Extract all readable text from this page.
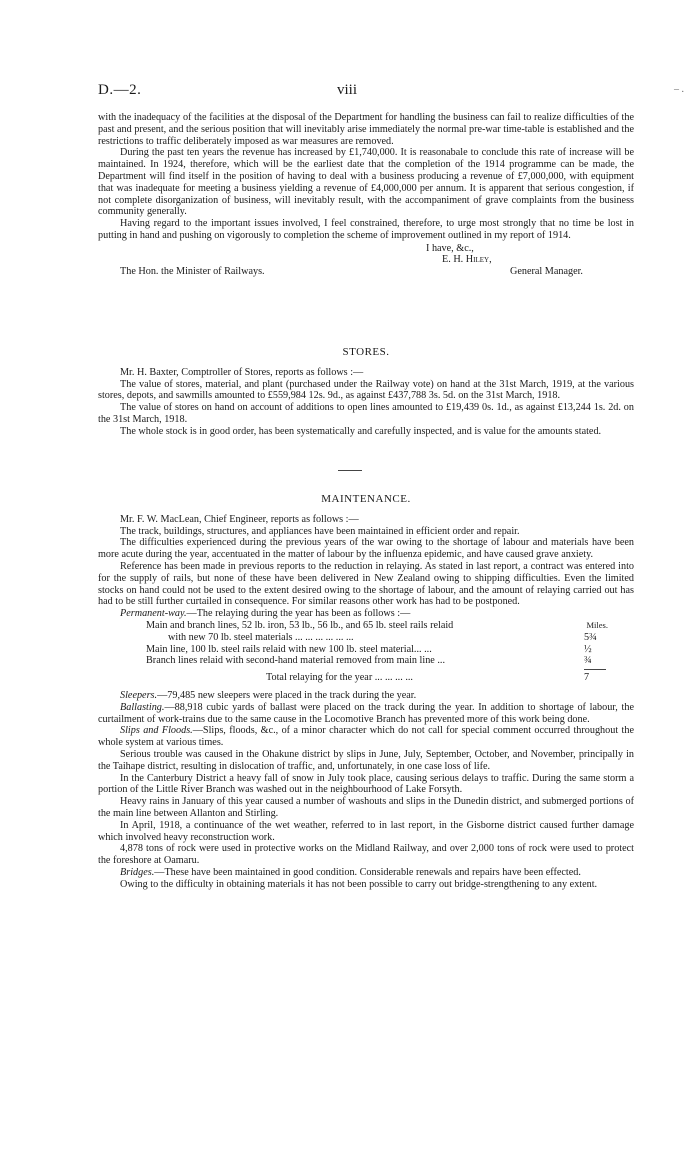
D.—2.	viii	– .

with the inadequacy of the facilities at the disposal of the Department for handling the business can fail to realize difficulties of the past and present, and the serious position that will inevitably arise immediately the normal pre-war time-table is established and the restrictions to traffic deliberately imposed as war measures are removed.

During the past ten years the revenue has increased by £1,740,000. It is reasonabale to conclude this rate of increase will be maintained. In 1924, therefore, which will be the earliest date that the completion of the 1914 programme can be made, the Department will find itself in the position of having to deal with a business producing a revenue of £7,000,000, with equipment that was inadequate for meeting a business yielding a revenue of £4,000,000 per annum. It is apparent that serious congestion, if not complete disorganization of business, will inevitably result, with the accompaniment of grave complaints from the business community generally.

Having regard to the important issues involved, I feel constrained, therefore, to urge most strongly that no time be lost in putting in hand and pushing on vigorously to completion the scheme of improvement outlined in my report of 1914.

I have, &c.,
E. H. Hiley,
The Hon. the Minister of Railways.	General Manager.
STORES.

Mr. H. Baxter, Comptroller of Stores, reports as follows :—

The value of stores, material, and plant (purchased under the Railway vote) on hand at the 31st March, 1919, at the various stores, depots, and sawmills amounted to £559,984 12s. 9d., as against £437,788 3s. 5d. on the 31st March, 1918.

The value of stores on hand on account of additions to open lines amounted to £19,439 0s. 1d., as against £13,244 1s. 2d. on the 31st March, 1918.

The whole stock is in good order, has been systematically and carefully inspected, and is value for the amounts stated.

MAINTENANCE.

Mr. F. W. MacLean, Chief Engineer, reports as follows :—

The track, buildings, structures, and appliances have been maintained in efficient order and repair.

The difficulties experienced during the previous years of the war owing to the shortage of labour and materials have been more acute during the year, accentuated in the matter of labour by the influenza epidemic, and have caused grave anxiety.

Reference has been made in previous reports to the reduction in relaying. As stated in last report, a contract was entered into for the supply of rails, but none of these have been delivered in New Zealand owing to shipping difficulties. Even the limited stocks on hand could not be used to the extent desired owing to the shortage of labour, and the amount of relaying carried out has had to be still further curtailed in consequence. For similar reasons other work has had to be postponed.

Permanent-way.—The relaying during the year has been as follows :—

Miles.
Main and branch lines, 52 lb. iron, 53 lb., 56 lb., and 65 lb. steel rails relaid
with new 70 lb. steel materials ... ... ... ... ... ...	5¾
Main line, 100 lb. steel rails relaid with new 100 lb. steel material... ...	½
Branch lines relaid with second-hand material removed from main line ...	¾
Total relaying for the year ... ... ... ...	7

Sleepers.—79,485 new sleepers were placed in the track during the year.

Ballasting.—88,918 cubic yards of ballast were placed on the track during the year. In addition to shortage of labour, the curtailment of work-trains due to the same cause in the Locomotive Branch has prevented more of this work being done.

Slips and Floods.—Slips, floods, &c., of a minor character which do not call for special comment occurred throughout the whole system at various times.

Serious trouble was caused in the Ohakune district by slips in June, July, September, October, and November, principally in the Taihape district, resulting in dislocation of traffic, and, unfortunately, in one case loss of life.

In the Canterbury District a heavy fall of snow in July took place, causing serious delays to traffic. During the same storm a portion of the Little River Branch was washed out in the neighbourhood of Lake Forsyth.

Heavy rains in January of this year caused a number of washouts and slips in the Dunedin district, and submerged portions of the main line between Allanton and Stirling.

In April, 1918, a continuance of the wet weather, referred to in last report, in the Gisborne district caused further damage which involved heavy reconstruction work.

4,878 tons of rock were used in protective works on the Midland Railway, and over 2,000 tons of rock were used to protect the foreshore at Oamaru.

Bridges.—These have been maintained in good condition. Considerable renewals and repairs have been effected.

Owing to the difficulty in obtaining materials it has not been possible to carry out bridge-strengthening to any extent.
